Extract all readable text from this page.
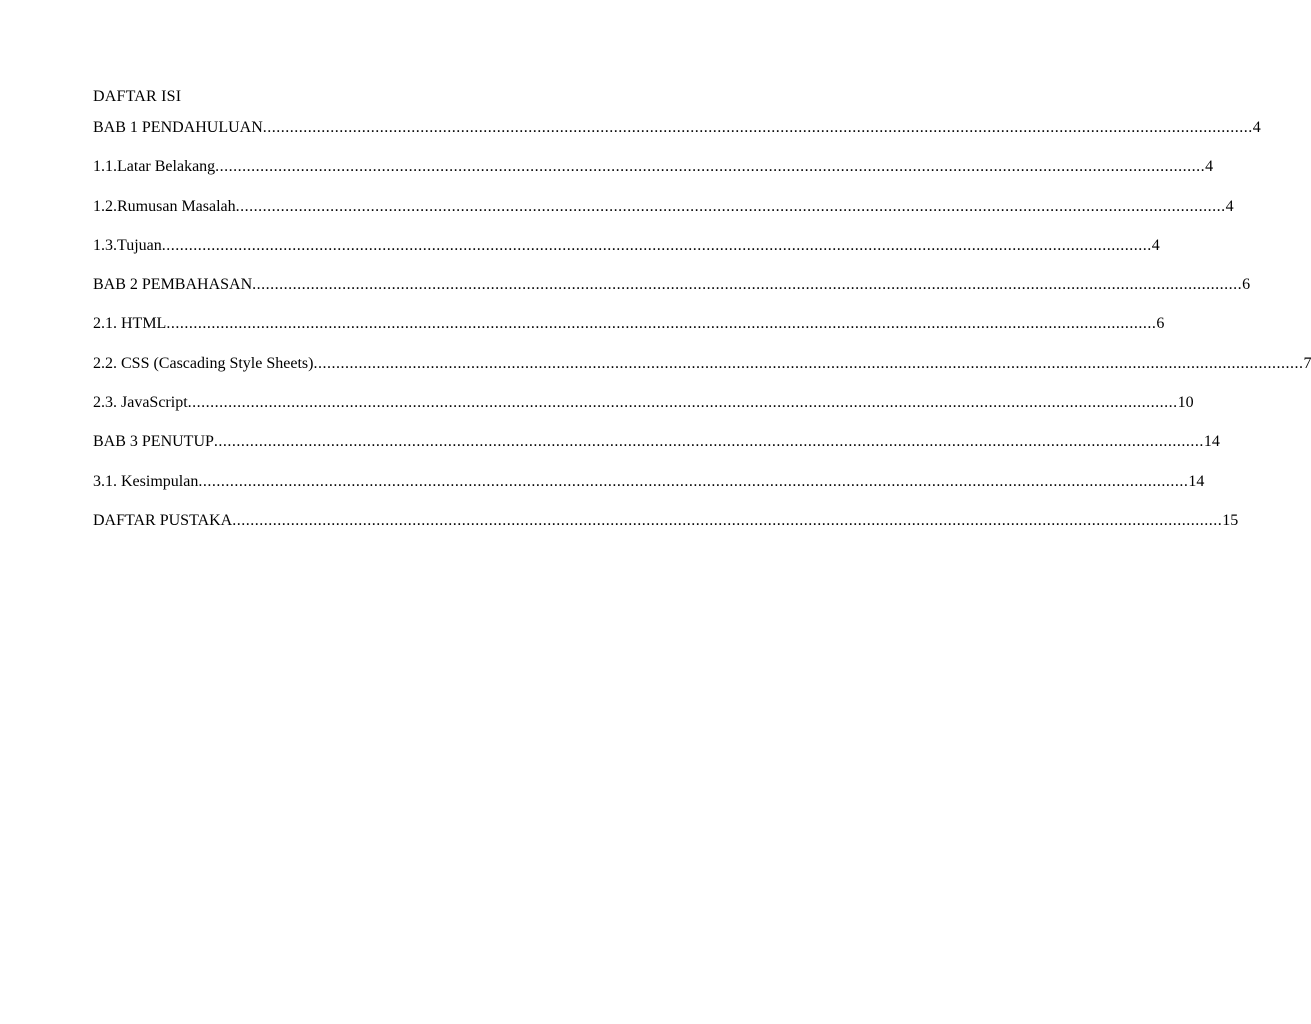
DAFTAR ISI
BAB 1 PENDAHULUAN ............................................................................................................................................................................................................................ 4
1.1.Latar Belakang ............................................................................................................................................................................................................................ 4
1.2.Rumusan Masalah ............................................................................................................................................................................................................................ 4
1.3.Tujuan ............................................................................................................................................................................................................................ 4
BAB 2 PEMBAHASAN ............................................................................................................................................................................................................................ 6
2.1. HTML ............................................................................................................................................................................................................................ 6
2.2. CSS (Cascading Style Sheets) ............................................................................................................................................................................................................................ 7
2.3. JavaScript ............................................................................................................................................................................................................................ 10
BAB 3 PENUTUP ............................................................................................................................................................................................................................ 14
3.1. Kesimpulan ............................................................................................................................................................................................................................ 14
DAFTAR PUSTAKA ............................................................................................................................................................................................................................ 15
